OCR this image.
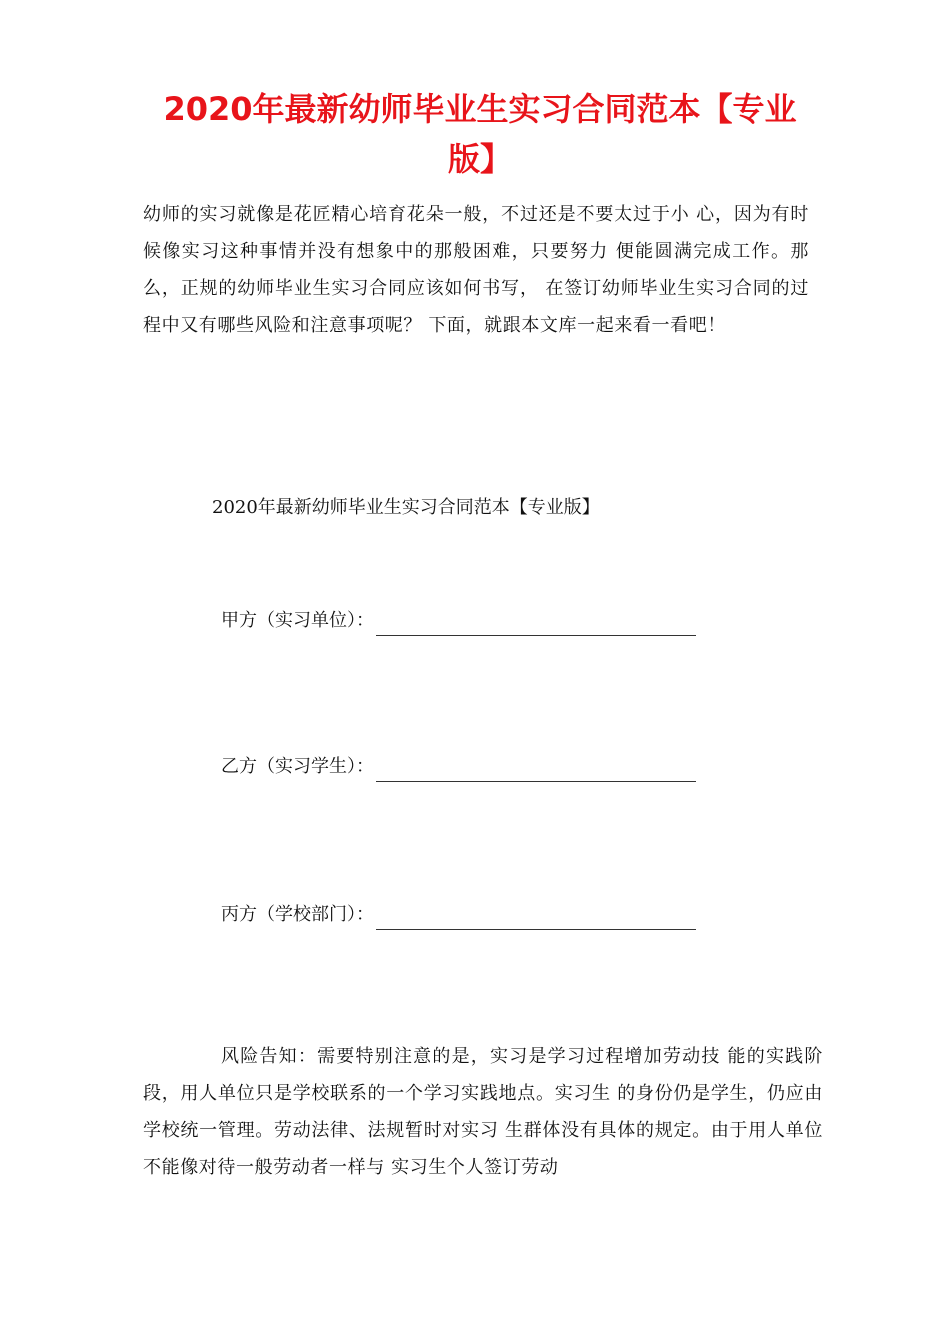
2020年最新幼师毕业生实习合同范本【专业版】

幼师的实习就像是花匠精心培育花朵一般，不过还是不要太过于小 心，因为有时候像实习这种事情并没有想象中的那般困难，只要努力 便能圆满完成工作。那么，正规的幼师毕业生实习合同应该如何书写， 在签订幼师毕业生实习合同的过程中又有哪些风险和注意事项呢？ 下面，就跟本文库一起来看一看吧！

2020年最新幼师毕业生实习合同范本【专业版】

甲方（实习单位）：
乙方（实习学生）：
丙方（学校部门）：

风险告知：需要特别注意的是，实习是学习过程增加劳动技 能的实践阶段，用人单位只是学校联系的一个学习实践地点。实习生 的身份仍是学生，仍应由学校统一管理。劳动法律、法规暂时对实习 生群体没有具体的规定。由于用人单位不能像对待一般劳动者一样与 实习生个人签订劳动
